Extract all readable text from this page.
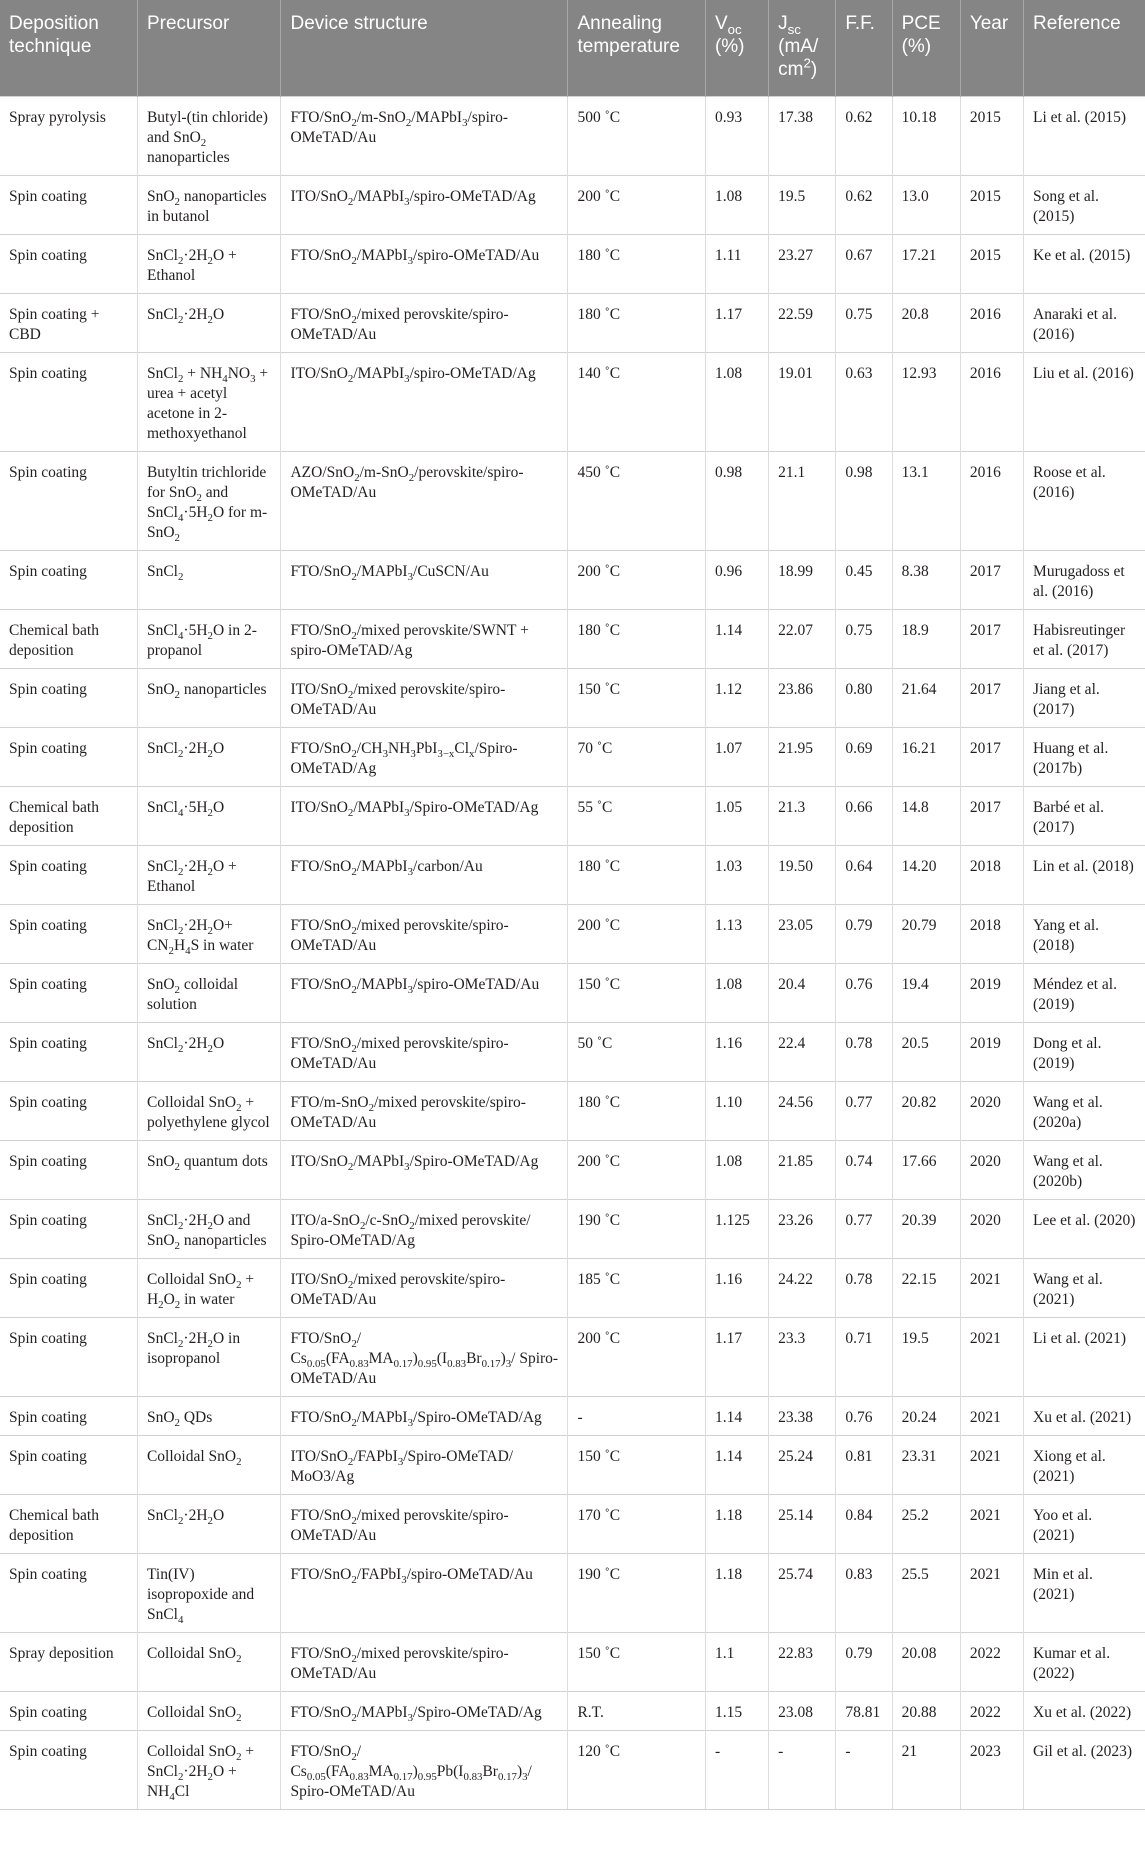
Deposition technique	Precursor	Device structure	Annealing temperature	$V_{oc}$ (%)	$J_{sc}$ (mA/ $cm^2$)	F.F.	PCE (%)	Year	Reference
Spray pyrolysis	Butyl-(tin chloride) and SnO$_2$ nanoparticles	FTO/SnO$_2$/m-SnO$_2$/MAPbI$_3$/spiro-OMeTAD/Au	500 ˚C	0.93	17.38	0.62	10.18	2015	Li et al. (2015)
Spin coating	SnO$_2$ nanoparticles in butanol	ITO/SnO$_2$/MAPbI$_3$/spiro-OMeTAD/Ag	200 ˚C	1.08	19.5	0.62	13.0	2015	Song et al. (2015)
Spin coating	$SnCl_2\cdot 2H_2O$ + Ethanol	FTO/SnO$_2$/MAPbI$_3$/spiro-OMeTAD/Au	180 ˚C	1.11	23.27	0.67	17.21	2015	Ke et al. (2015)
Spin coating + CBD	$SnCl_2\cdot 2H_2O$	FTO/SnO$_2$/mixed perovskite/spiro-OMeTAD/Au	180 ˚C	1.17	22.59	0.75	20.8	2016	Anaraki et al. (2016)
Spin coating	SnCl$_2$ + $NH_4NO_3$ + urea + acetyl acetone in 2-methoxyethanol	ITO/SnO$_2$/MAPbI$_3$/spiro-OMeTAD/Ag	140 ˚C	1.08	19.01	0.63	12.93	2016	Liu et al. (2016)
Spin coating	Butyltin trichloride for SnO$_2$ and $SnCl_4\cdot 5H_2O$ for m-SnO$_2$	AZO/SnO$_2$/m-SnO$_2$/perovskite/spiro-OMeTAD/Au	450 ˚C	0.98	21.1	0.98	13.1	2016	Roose et al. (2016)
Spin coating	SnCl$_2$	FTO/SnO$_2$/MAPbI$_3$/CuSCN/Au	200 ˚C	0.96	18.99	0.45	8.38	2017	Murugadoss et al. (2016)
Chemical bath deposition	$SnCl_4\cdot 5H_2O$ in 2-propanol	FTO/SnO$_2$/mixed perovskite/SWNT + spiro-OMeTAD/Ag	180 ˚C	1.14	22.07	0.75	18.9	2017	Habisreutinger et al. (2017)
Spin coating	SnO$_2$ nanoparticles	ITO/SnO$_2$/mixed perovskite/spiro-OMeTAD/Au	150 ˚C	1.12	23.86	0.80	21.64	2017	Jiang et al. (2017)
Spin coating	$SnCl_2\cdot 2H_2O$	FTO/$SnO_2/CH_3NH_3PbI_{3-x}Cl_x/Spiro-OMeTAD/Ag$	70 ˚C	1.07	21.95	0.69	16.21	2017	Huang et al. (2017b)
Chemical bath deposition	$SnCl_4\cdot 5H_2O$	ITO/SnO$_2$/MAPbI$_3$/Spiro-OMeTAD/Ag	55 ˚C	1.05	21.3	0.66	14.8	2017	Barbé et al. (2017)
Spin coating	$SnCl_2\cdot 2H_2O$ + Ethanol	FTO/SnO$_2$/MAPbI$_3$/carbon/Au	180 ˚C	1.03	19.50	0.64	14.20	2018	Lin et al. (2018)
Spin coating	$SnCl_2\cdot 2H_2O+ CN_2H_4S$ in water	FTO/SnO$_2$/mixed perovskite/spiro-OMeTAD/Au	200 ˚C	1.13	23.05	0.79	20.79	2018	Yang et al. (2018)
Spin coating	SnO$_2$ colloidal solution	FTO/SnO$_2$/MAPbI$_3$/spiro-OMeTAD/Au	150 ˚C	1.08	20.4	0.76	19.4	2019	Méndez et al. (2019)
Spin coating	$SnCl_2\cdot 2H_2O$	FTO/SnO$_2$/mixed perovskite/spiro-OMeTAD/Au	50 ˚C	1.16	22.4	0.78	20.5	2019	Dong et al. (2019)
Spin coating	Colloidal SnO$_2$ + polyethylene glycol	FTO/m-SnO$_2$/mixed perovskite/spiro-OMeTAD/Au	180 ˚C	1.10	24.56	0.77	20.82	2020	Wang et al. (2020a)
Spin coating	SnO$_2$ quantum dots	ITO/SnO$_2$/MAPbI$_3$/Spiro-OMeTAD/Ag	200 ˚C	1.08	21.85	0.74	17.66	2020	Wang et al. (2020b)
Spin coating	$SnCl_2\cdot 2H_2O$ and SnO$_2$ nanoparticles	ITO/a-SnO$_2$/c-SnO$_2$/mixed perovskite/ Spiro-OMeTAD/Ag	190 ˚C	1.125	23.26	0.77	20.39	2020	Lee et al. (2020)
Spin coating	Colloidal $SnO_2 + H_2O_2$ in water	ITO/SnO$_2$/mixed perovskite/spiro-OMeTAD/Au	185 ˚C	1.16	24.22	0.78	22.15	2021	Wang et al. (2021)
Spin coating	$SnCl_2\cdot 2H_2O$ in isopropanol	FTO/SnO$_2$/ $Cs_{0.05}(FA_{0.83}MA_{0.17})_{0.95}(I_{0.83}Br_{0.17})_3/$ Spiro-OMeTAD/Au	200 ˚C	1.17	23.3	0.71	19.5	2021	Li et al. (2021)
Spin coating	SnO$_2$ QDs	FTO/SnO$_2$/MAPbI$_3$/Spiro-OMeTAD/Ag	-	1.14	23.38	0.76	20.24	2021	Xu et al. (2021)
Spin coating	Colloidal SnO$_2$	ITO/SnO$_2$/FAPbI$_3$/Spiro-OMeTAD/ MoO3/Ag	150 ˚C	1.14	25.24	0.81	23.31	2021	Xiong et al. (2021)
Chemical bath deposition	$SnCl_2\cdot 2H_2O$	FTO/SnO$_2$/mixed perovskite/spiro-OMeTAD/Au	170 ˚C	1.18	25.14	0.84	25.2	2021	Yoo et al. (2021)
Spin coating	Tin(IV) isopropoxide and SnCl$_4$	FTO/SnO$_2$/FAPbI$_3$/spiro-OMeTAD/Au	190 ˚C	1.18	25.74	0.83	25.5	2021	Min et al. (2021)
Spray deposition	Colloidal SnO$_2$	FTO/SnO$_2$/mixed perovskite/spiro-OMeTAD/Au	150 ˚C	1.1	22.83	0.79	20.08	2022	Kumar et al. (2022)
Spin coating	Colloidal SnO$_2$	FTO/SnO$_2$/MAPbI$_3$/Spiro-OMeTAD/Ag	R.T.	1.15	23.08	78.81	20.88	2022	Xu et al. (2022)
Spin coating	Colloidal $SnO_2 + SnCl_2\cdot 2H_2O + NH_4Cl$	FTO/SnO$_2$/ $Cs_{0.05}(FA_{0.83}MA_{0.17})_{0.95}Pb(I_{0.83}Br_{0.17})_3/$ Spiro-OMeTAD/Au	120 ˚C	-	-	-	21	2023	Gil et al. (2023)
